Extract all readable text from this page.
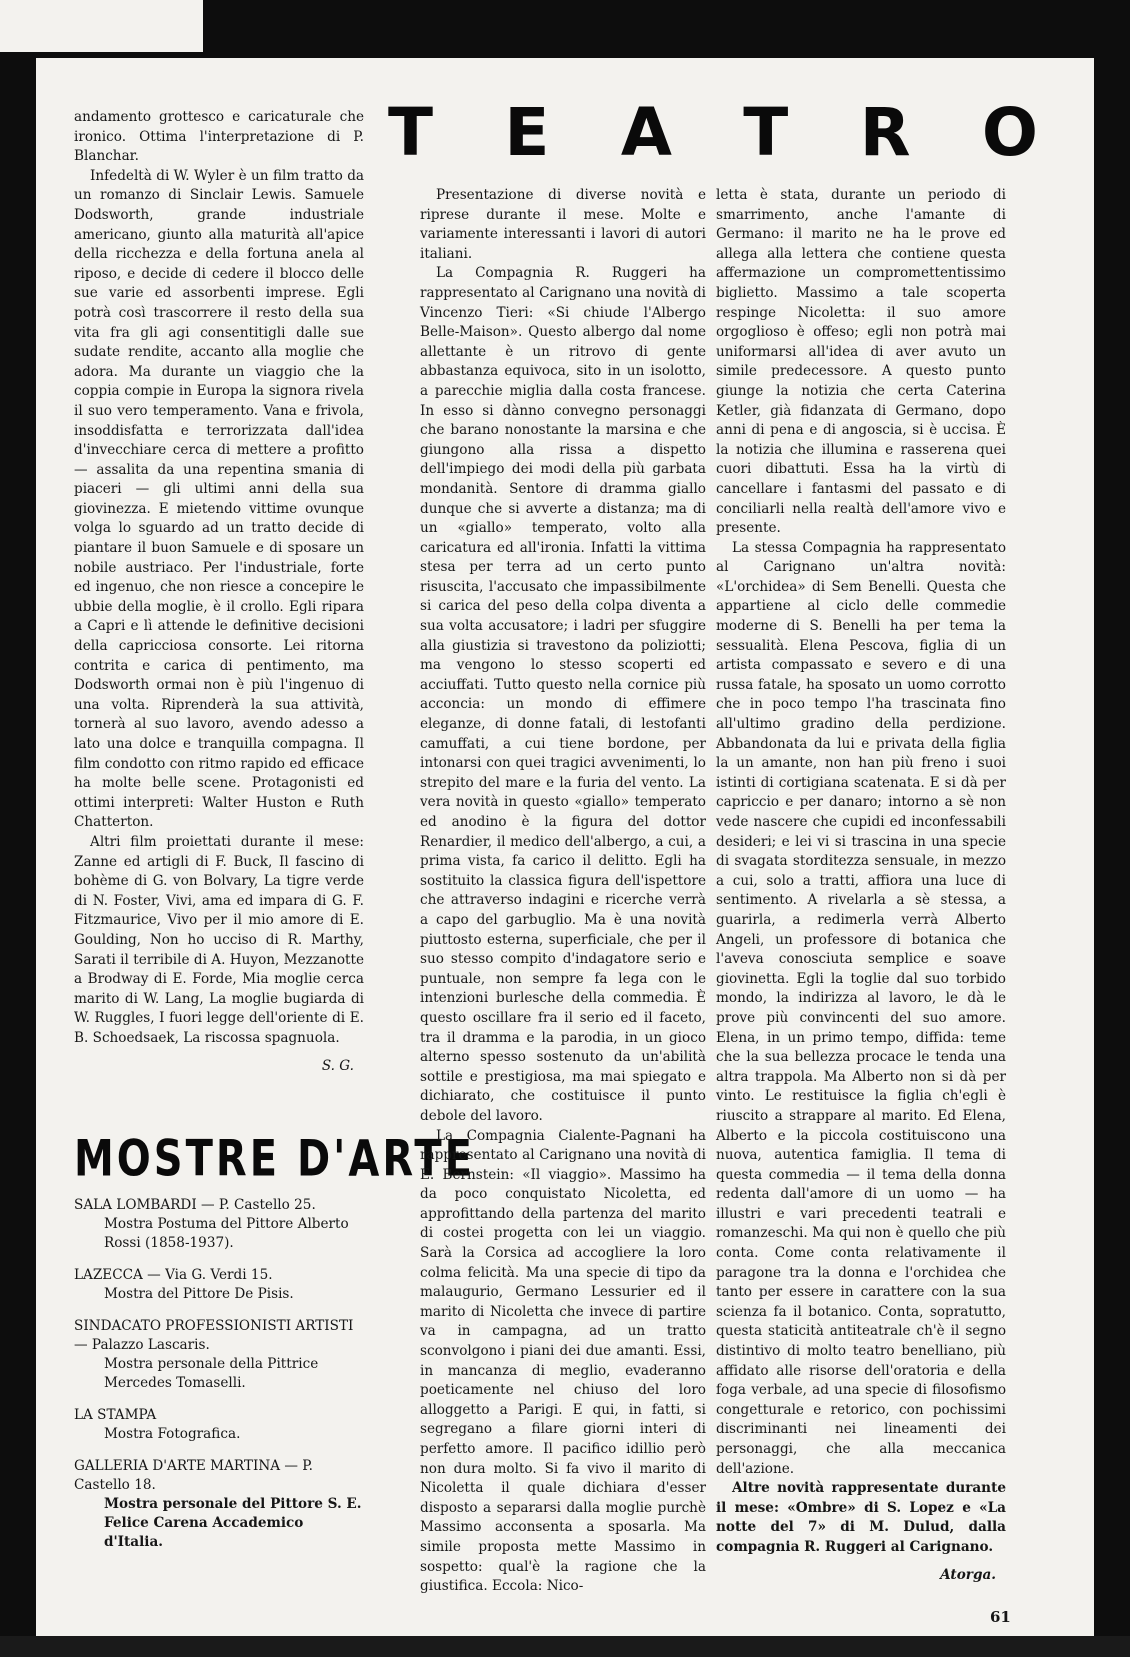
T E A T R O

andamento grottesco e caricaturale che ironico. Ottima l'interpretazione di P. Blanchar.

Infedeltà di W. Wyler è un film tratto da un romanzo di Sinclair Lewis. Samuele Dodsworth, grande industriale americano, giunto alla maturità all'apice della ricchezza e della fortuna anela al riposo, e decide di cedere il blocco delle sue varie ed assorbenti imprese. Egli potrà così trascorrere il resto della sua vita fra gli agi consentitigli dalle sue sudate rendite, accanto alla moglie che adora. Ma durante un viaggio che la coppia compie in Europa la signora rivela il suo vero temperamento. Vana e frivola, insoddisfatta e terrorizzata dall'idea d'invecchiare cerca di mettere a profitto — assalita da una repentina smania di piaceri — gli ultimi anni della sua giovinezza. E mietendo vittime ovunque volga lo sguardo ad un tratto decide di piantare il buon Samuele e di sposare un nobile austriaco. Per l'industriale, forte ed ingenuo, che non riesce a concepire le ubbie della moglie, è il crollo. Egli ripara a Capri e lì attende le definitive decisioni della capricciosa consorte. Lei ritorna contrita e carica di pentimento, ma Dodsworth ormai non è più l'ingenuo di una volta. Riprenderà la sua attività, tornerà al suo lavoro, avendo adesso a lato una dolce e tranquilla compagna. Il film condotto con ritmo rapido ed efficace ha molte belle scene. Protagonisti ed ottimi interpreti: Walter Huston e Ruth Chatterton.

Altri film proiettati durante il mese: Zanne ed artigli di F. Buck, Il fascino di bohème di G. von Bolvary, La tigre verde di N. Foster, Vivi, ama ed impara di G. F. Fitzmaurice, Vivo per il mio amore di E. Goulding, Non ho ucciso di R. Marthy, Sarati il terribile di A. Huyon, Mezzanotte a Brodway di E. Forde, Mia moglie cerca marito di W. Lang, La moglie bugiarda di W. Ruggles, I fuori legge dell'oriente di E. B. Schoedsaek, La riscossa spagnuola.

S. G.
MOSTRE D'ARTE
SALA LOMBARDI — P. Castello 25.
Mostra Postuma del Pittore Alberto Rossi (1858-1937).
LAZECCA — Via G. Verdi 15.
Mostra del Pittore De Pisis.
SINDACATO PROFESSIONISTI ARTISTI — Palazzo Lascaris.
Mostra personale della Pittrice Mercedes Tomaselli.
LA STAMPA
Mostra Fotografica.
GALLERIA D'ARTE MARTINA — P. Castello 18.
Mostra personale del Pittore S. E. Felice Carena Accademico d'Italia.

Presentazione di diverse novità e riprese durante il mese. Molte e variamente interessanti i lavori di autori italiani.

La Compagnia R. Ruggeri ha rappresentato al Carignano una novità di Vincenzo Tieri: «Si chiude l'Albergo Belle-Maison». Questo albergo dal nome allettante è un ritrovo di gente abbastanza equivoca, sito in un isolotto, a parecchie miglia dalla costa francese. In esso si dànno convegno personaggi che barano nonostante la marsina e che giungono alla rissa a dispetto dell'impiego dei modi della più garbata mondanità. Sentore di dramma giallo dunque che si avverte a distanza; ma di un «giallo» temperato, volto alla caricatura ed all'ironia. Infatti la vittima stesa per terra ad un certo punto risuscita, l'accusato che impassibilmente si carica del peso della colpa diventa a sua volta accusatore; i ladri per sfuggire alla giustizia si travestono da poliziotti; ma vengono lo stesso scoperti ed acciuffati. Tutto questo nella cornice più acconcia: un mondo di effimere eleganze, di donne fatali, di lestofanti camuffati, a cui tiene bordone, per intonarsi con quei tragici avvenimenti, lo strepito del mare e la furia del vento. La vera novità in questo «giallo» temperato ed anodino è la figura del dottor Renardier, il medico dell'albergo, a cui, a prima vista, fa carico il delitto. Egli ha sostituito la classica figura dell'ispettore che attraverso indagini e ricerche verrà a capo del garbuglio. Ma è una novità piuttosto esterna, superficiale, che per il suo stesso compito d'indagatore serio e puntuale, non sempre fa lega con le intenzioni burlesche della commedia. È questo oscillare fra il serio ed il faceto, tra il dramma e la parodia, in un gioco alterno spesso sostenuto da un'abilità sottile e prestigiosa, ma mai spiegato e dichiarato, che costituisce il punto debole del lavoro.

La Compagnia Cialente-Pagnani ha rappresentato al Carignano una novità di E. Bernstein: «Il viaggio». Massimo ha da poco conquistato Nicoletta, ed approfittando della partenza del marito di costei progetta con lei un viaggio. Sarà la Corsica ad accogliere la loro colma felicità. Ma una specie di tipo da malaugurio, Germano Lessurier ed il marito di Nicoletta che invece di partire va in campagna, ad un tratto sconvolgono i piani dei due amanti. Essi, in mancanza di meglio, evaderanno poeticamente nel chiuso del loro alloggetto a Parigi. E qui, in fatti, si segregano a filare giorni interi di perfetto amore. Il pacifico idillio però non dura molto. Si fa vivo il marito di Nicoletta il quale dichiara d'esser disposto a separarsi dalla moglie purchè Massimo acconsenta a sposarla. Ma simile proposta mette Massimo in sospetto: qual'è la ragione che la giustifica. Eccola: Nico-

letta è stata, durante un periodo di smarrimento, anche l'amante di Germano: il marito ne ha le prove ed allega alla lettera che contiene questa affermazione un compromettentissimo biglietto. Massimo a tale scoperta respinge Nicoletta: il suo amore orgoglioso è offeso; egli non potrà mai uniformarsi all'idea di aver avuto un simile predecessore. A questo punto giunge la notizia che certa Caterina Ketler, già fidanzata di Germano, dopo anni di pena e di angoscia, si è uccisa. È la notizia che illumina e rasserena quei cuori dibattuti. Essa ha la virtù di cancellare i fantasmi del passato e di conciliarli nella realtà dell'amore vivo e presente.

La stessa Compagnia ha rappresentato al Carignano un'altra novità: «L'orchidea» di Sem Benelli. Questa che appartiene al ciclo delle commedie moderne di S. Benelli ha per tema la sessualità. Elena Pescova, figlia di un artista compassato e severo e di una russa fatale, ha sposato un uomo corrotto che in poco tempo l'ha trascinata fino all'ultimo gradino della perdizione. Abbandonata da lui e privata della figlia la un amante, non han più freno i suoi istinti di cortigiana scatenata. E si dà per capriccio e per danaro; intorno a sè non vede nascere che cupidi ed inconfessabili desideri; e lei vi si trascina in una specie di svagata storditezza sensuale, in mezzo a cui, solo a tratti, affiora una luce di sentimento. A rivelarla a sè stessa, a guarirla, a redimerla verrà Alberto Angeli, un professore di botanica che l'aveva conosciuta semplice e soave giovinetta. Egli la toglie dal suo torbido mondo, la indirizza al lavoro, le dà le prove più convincenti del suo amore. Elena, in un primo tempo, diffida: teme che la sua bellezza procace le tenda una altra trappola. Ma Alberto non si dà per vinto. Le restituisce la figlia ch'egli è riuscito a strappare al marito. Ed Elena, Alberto e la piccola costituiscono una nuova, autentica famiglia. Il tema di questa commedia — il tema della donna redenta dall'amore di un uomo — ha illustri e vari precedenti teatrali e romanzeschi. Ma qui non è quello che più conta. Come conta relativamente il paragone tra la donna e l'orchidea che tanto per essere in carattere con la sua scienza fa il botanico. Conta, sopratutto, questa staticità antiteatrale ch'è il segno distintivo di molto teatro benelliano, più affidato alle risorse dell'oratoria e della foga verbale, ad una specie di filosofismo congetturale e retorico, con pochissimi discriminanti nei lineamenti dei personaggi, che alla meccanica dell'azione.

Altre novità rappresentate durante il mese: «Ombre» di S. Lopez e «La notte del 7» di M. Dulud, dalla compagnia R. Ruggeri al Carignano.

Atorga.
61
